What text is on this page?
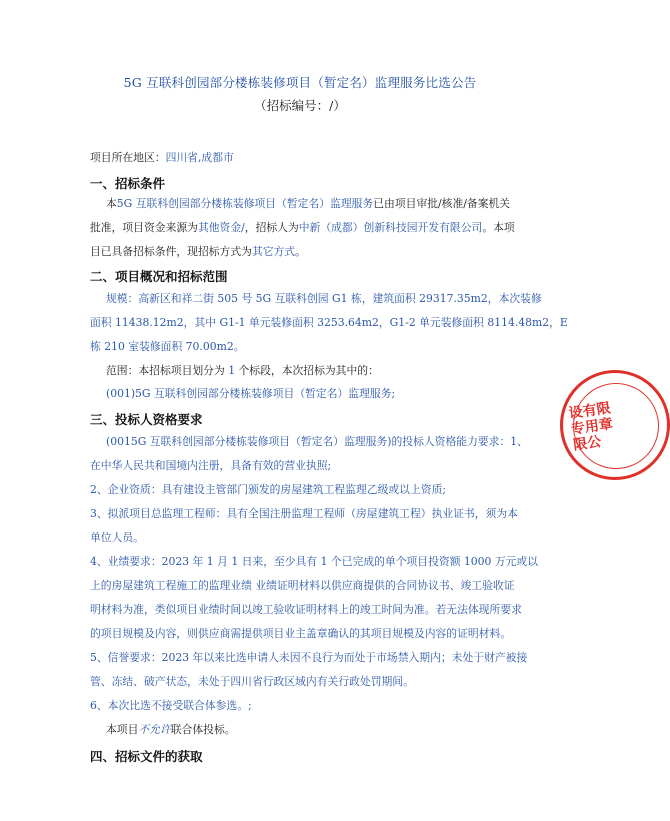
5G 互联科创园部分楼栋装修项目（暂定名）监理服务比选公告
（招标编号：/）
项目所在地区：四川省,成都市
一、招标条件
本5G 互联科创园部分楼栋装修项目（暂定名）监理服务已由项目审批/核准/备案机关
批准，项目资金来源为其他资金/，招标人为中新（成都）创新科技园开发有限公司。本项
目已具备招标条件，现招标方式为其它方式。
二、项目概况和招标范围
规模：高新区和祥二街 505 号 5G 互联科创园 G1 栋，建筑面积 29317.35m2，本次装修
面积 11438.12m2，其中 G1-1 单元装修面积 3253.64m2，G1-2 单元装修面积 8114.48m2，E
栋 210 室装修面积 70.00m2。
范围：本招标项目划分为 1 个标段，本次招标为其中的：
(001)5G 互联科创园部分楼栋装修项目（暂定名）监理服务;
三、投标人资格要求
(0015G 互联科创园部分楼栋装修项目（暂定名）监理服务)的投标人资格能力要求：1、
在中华人民共和国境内注册，具备有效的营业执照;
2、企业资质：具有建设主管部门颁发的房屋建筑工程监理乙级或以上资质;
3、拟派项目总监理工程师：具有全国注册监理工程师（房屋建筑工程）执业证书，须为本
单位人员。
4、业绩要求：2023 年 1 月 1 日来，至少具有 1 个已完成的单个项目投资额 1000 万元或以
上的房屋建筑工程施工的监理业绩 业绩证明材料以供应商提供的合同协议书、竣工验收证
明材料为准，类似项目业绩时间以竣工验收证明材料上的竣工时间为准。若无法体现所要求
的项目规模及内容，则供应商需提供项目业主盖章确认的其项目规模及内容的证明材料。
5、信誉要求：2023 年以来比选申请人未因不良行为而处于市场禁入期内；未处于财产被接
管、冻结、破产状态，未处于四川省行政区域内有关行政处罚期间。
6、本次比选不接受联合体参选。;
本项目不允许联合体投标。
四、招标文件的获取
设有限
专用章
限公
